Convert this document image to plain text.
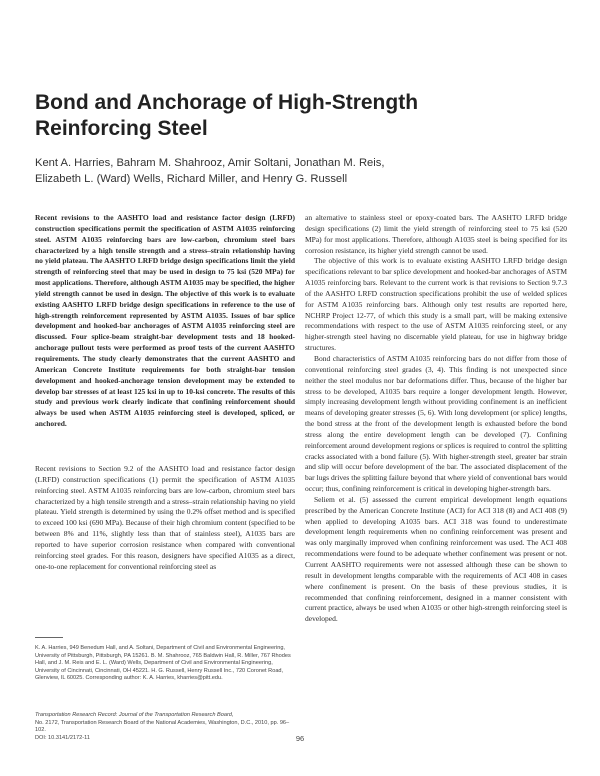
Bond and Anchorage of High-Strength
Reinforcing Steel
Kent A. Harries, Bahram M. Shahrooz, Amir Soltani, Jonathan M. Reis,
Elizabeth L. (Ward) Wells, Richard Miller, and Henry G. Russell

Recent revisions to the AASHTO load and resistance factor design (LRFD) construction specifications permit the specification of ASTM A1035 reinforcing steel. ASTM A1035 reinforcing bars are low-carbon, chromium steel bars characterized by a high tensile strength and a stress–strain relationship having no yield plateau. The AASHTO LRFD bridge design specifications limit the yield strength of reinforcing steel that may be used in design to 75 ksi (520 MPa) for most applications. Therefore, although ASTM A1035 may be specified, the higher yield strength cannot be used in design. The objective of this work is to evaluate existing AASHTO LRFD bridge design specifications in reference to the use of high-strength reinforcement represented by ASTM A1035. Issues of bar splice development and hooked-bar anchorages of ASTM A1035 reinforcing steel are discussed. Four splice-beam straight-bar development tests and 18 hooked-anchorage pullout tests were performed as proof tests of the current AASHTO requirements. The study clearly demonstrates that the current AASHTO and American Concrete Institute requirements for both straight-bar tension development and hooked-anchorage tension development may be extended to develop bar stresses of at least 125 ksi in up to 10-ksi concrete. The results of this study and previous work clearly indicate that confining reinforcement should always be used when ASTM A1035 reinforcing steel is developed, spliced, or anchored.

Recent revisions to Section 9.2 of the AASHTO load and resistance factor design (LRFD) construction specifications (1) permit the specification of ASTM A1035 reinforcing steel. ASTM A1035 reinforcing bars are low-carbon, chromium steel bars characterized by a high tensile strength and a stress–strain relationship having no yield plateau. Yield strength is determined by using the 0.2% offset method and is specified to exceed 100 ksi (690 MPa). Because of their high chromium content (specified to be between 8% and 11%, slightly less than that of stainless steel), A1035 bars are reported to have superior corrosion resistance when compared with conventional reinforcing steel grades. For this reason, designers have specified A1035 as a direct, one-to-one replacement for conventional reinforcing steel as

K. A. Harries, 949 Benedum Hall, and A. Soltani, Department of Civil and Environmental Engineering, University of Pittsburgh, Pittsburgh, PA 15261. B. M. Shahrooz, 765 Baldwin Hall, R. Miller, 767 Rhodes Hall, and J. M. Reis and E. L. (Ward) Wells, Department of Civil and Environmental Engineering, University of Cincinnati, Cincinnati, OH 45221. H. G. Russell, Henry Russell Inc., 720 Coronet Road, Glenview, IL 60025. Corresponding author: K. A. Harries, kharries@pitt.edu.
Transportation Research Record: Journal of the Transportation Research Board,
No. 2172, Transportation Research Board of the National Academies, Washington, D.C., 2010, pp. 96–102.
DOI: 10.3141/2172-11

an alternative to stainless steel or epoxy-coated bars. The AASHTO LRFD bridge design specifications (2) limit the yield strength of reinforcing steel to 75 ksi (520 MPa) for most applications. Therefore, although A1035 steel is being specified for its corrosion resistance, its higher yield strength cannot be used.

The objective of this work is to evaluate existing AASHTO LRFD bridge design specifications relevant to bar splice development and hooked-bar anchorages of ASTM A1035 reinforcing bars. Relevant to the current work is that revisions to Section 9.7.3 of the AASHTO LRFD construction specifications prohibit the use of welded splices for ASTM A1035 reinforcing bars. Although only test results are reported here, NCHRP Project 12-77, of which this study is a small part, will be making extensive recommendations with respect to the use of ASTM A1035 reinforcing steel, or any higher-strength steel having no discernable yield plateau, for use in highway bridge structures.

Bond characteristics of ASTM A1035 reinforcing bars do not differ from those of conventional reinforcing steel grades (3, 4). This finding is not unexpected since neither the steel modulus nor bar deformations differ. Thus, because of the higher bar stress to be developed, A1035 bars require a longer development length. However, simply increasing development length without providing confinement is an inefficient means of developing greater stresses (5, 6). With long development (or splice) lengths, the bond stress at the front of the development length is exhausted before the bond stress along the entire development length can be developed (7). Confining reinforcement around development regions or splices is required to control the splitting cracks associated with a bond failure (5). With higher-strength steel, greater bar strain and slip will occur before development of the bar. The associated displacement of the bar lugs drives the splitting failure beyond that where yield of conventional bars would occur; thus, confining reinforcement is critical in developing higher-strength bars.

Seliem et al. (5) assessed the current empirical development length equations prescribed by the American Concrete Institute (ACI) for ACI 318 (8) and ACI 408 (9) when applied to developing A1035 bars. ACI 318 was found to underestimate development length requirements when no confining reinforcement was present and was only marginally improved when confining reinforcement was used. The ACI 408 recommendations were found to be adequate whether confinement was present or not. Current AASHTO requirements were not assessed although these can be shown to result in development lengths comparable with the requirements of ACI 408 in cases where confinement is present. On the basis of these previous studies, it is recommended that confining reinforcement, designed in a manner consistent with current practice, always be used when A1035 or other high-strength reinforcing steel is developed.

96
